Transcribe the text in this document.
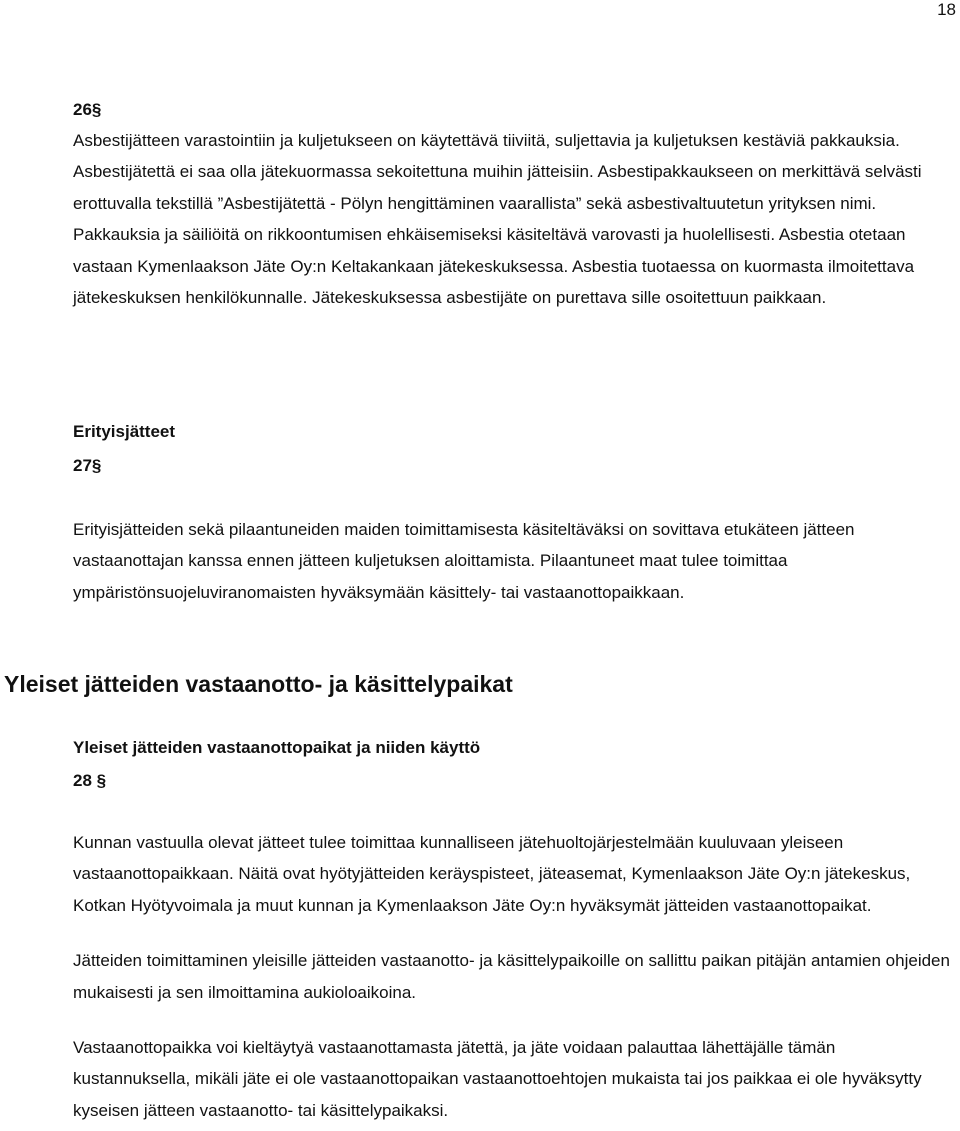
18
26§

Asbestijätteen varastointiin ja kuljetukseen on käytettävä tiiviitä, suljettavia ja kuljetuksen kestäviä pakkauksia. Asbestijätettä ei saa olla jätekuormassa sekoitettuna muihin jätteisiin. Asbestipakkaukseen on merkittävä selvästi erottuvalla tekstillä ”Asbestijätettä - Pölyn hengittäminen vaarallista” sekä asbestivaltuutetun yrityksen nimi. Pakkauksia ja säiliöitä on rikkoontumisen ehkäisemiseksi käsiteltävä varovasti ja huolellisesti. Asbestia otetaan vastaan Kymenlaakson Jäte Oy:n Keltakankaan jätekeskuksessa. Asbestia tuotaessa on kuormasta ilmoitettava jätekeskuksen henkilökunnalle. Jätekeskuksessa asbestijäte on purettava sille osoitettuun paikkaan.

Erityisjätteet
27§

Erityisjätteiden sekä pilaantuneiden maiden toimittamisesta käsiteltäväksi on sovittava etukäteen jätteen vastaanottajan kanssa ennen jätteen kuljetuksen aloittamista. Pilaantuneet maat tulee toimittaa ympäristönsuojeluviranomaisten hyväksymään käsittely- tai vastaanottopaikkaan.

Yleiset jätteiden vastaanotto- ja käsittelypaikat
Yleiset jätteiden vastaanottopaikat ja niiden käyttö
28 §

Kunnan vastuulla olevat jätteet tulee toimittaa kunnalliseen jätehuoltojärjestelmään kuuluvaan yleiseen vastaanottopaikkaan. Näitä ovat hyötyjätteiden keräyspisteet, jäteasemat, Kymenlaakson Jäte Oy:n jätekeskus, Kotkan Hyötyvoimala ja muut kunnan ja Kymenlaakson Jäte Oy:n hyväksymät jätteiden vastaanottopaikat.

Jätteiden toimittaminen yleisille jätteiden vastaanotto- ja käsittelypaikoille on sallittu paikan pitäjän antamien ohjeiden mukaisesti ja sen ilmoittamina aukioloaikoina.

Vastaanottopaikka voi kieltäytyä vastaanottamasta jätettä, ja jäte voidaan palauttaa lähettäjälle tämän kustannuksella, mikäli jäte ei ole vastaanottopaikan vastaanottoehtojen mukaista tai jos paikkaa ei ole hyväksytty kyseisen jätteen vastaanotto- tai käsittelypaikaksi.
